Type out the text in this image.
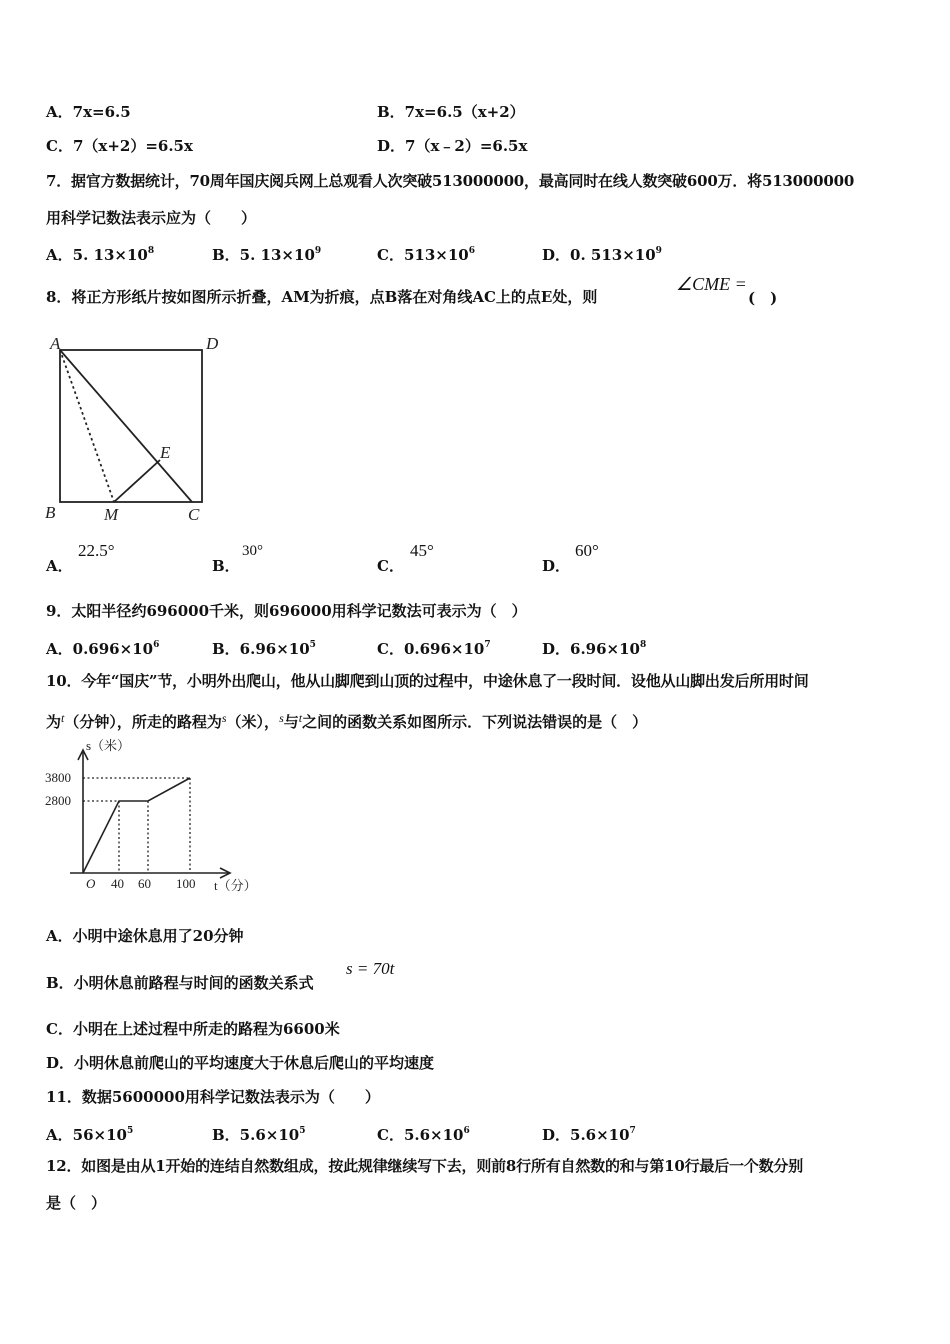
A．7x=6.5	B．7x=6.5（x+2）
C．7（x+2）=6.5x	D．7（x﹣2）=6.5x
7．据官方数据统计，70周年国庆阅兵网上总观看人次突破513000000，最高同时在线人数突破600万．将513000000
用科学记数法表示应为（　　）
A．5. $13\times 10^8$	B．5. $13\times 10^9$	C．$513\times 10^6$	D．0. $513\times 10^9$
8．将正方形纸片按如图所示折叠，AM为折痕，点B落在对角线AC上的点E处，则
∠CME =
(　)
A	D
B	M	C
E
A．
22.5°
B．
30°
C．
45°
D．
60°
9．太阳半径约696000千米，则696000用科学记数法可表示为（　）
A．$0.696\times 10^6$	B．$6.96\times 10^5$	C．$0.696\times 10^7$	D．$6.96\times 10^8$
10．今年“国庆”节，小明外出爬山，他从山脚爬到山顶的过程中，中途休息了一段时间．设他从山脚出发后所用时间
为$^t$（分钟），所走的路程为$^s$（米），$^s$与$^t$之间的函数关系如图所示．下列说法错误的是（　）
s（米）
3800
2800
O 40 60 100 t（分）
A．小明中途休息用了20分钟
B．小明休息前路程与时间的函数关系式
s = 70t
C．小明在上述过程中所走的路程为6600米
D．小明休息前爬山的平均速度大于休息后爬山的平均速度
11．数据5600000用科学记数法表示为（　　）
A．$56\times 10^5$	B．$5.6\times 10^5$	C．$5.6\times 10^6$	D．$5.6\times 10^7$
12．如图是由从1开始的连结自然数组成，按此规律继续写下去，则前8行所有自然数的和与第10行最后一个数分别
是（　）
